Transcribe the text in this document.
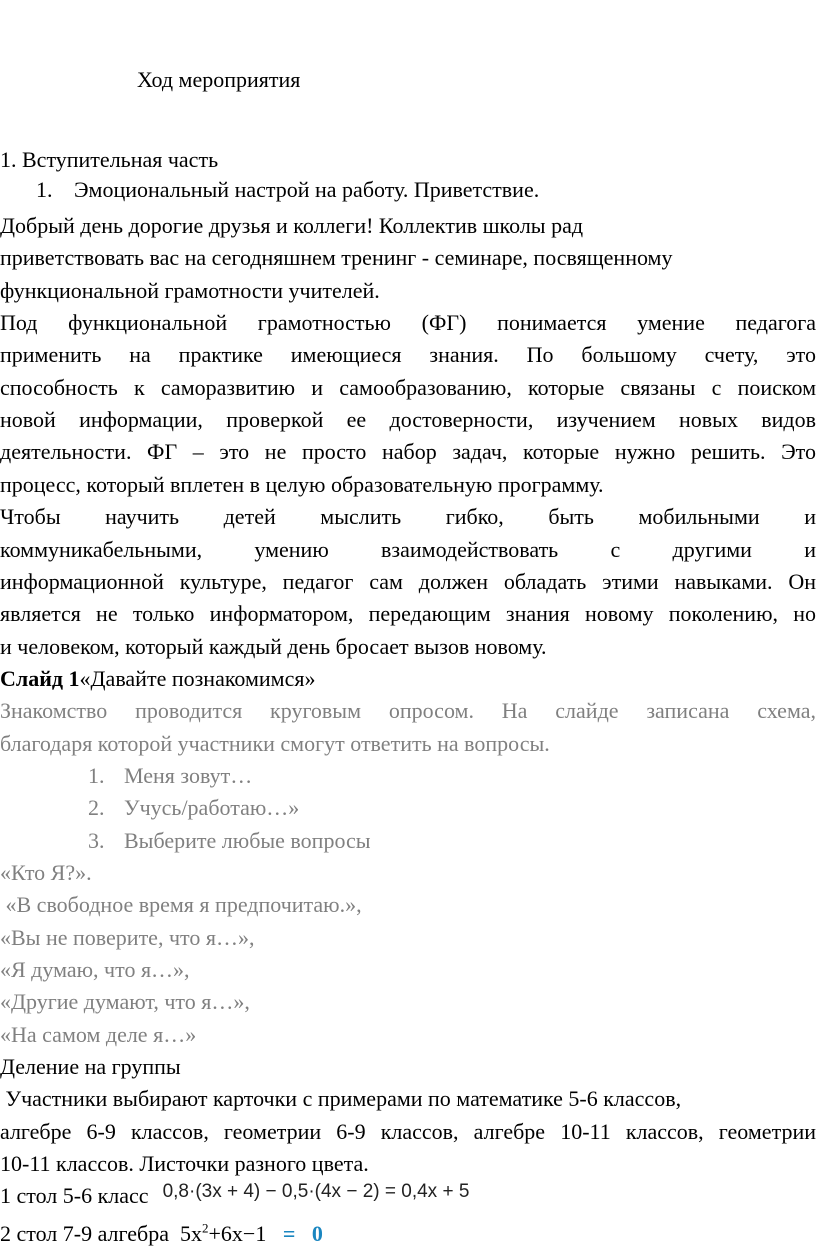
Ход мероприятия
1. Вступительная часть
1. Эмоциональный настрой на работу. Приветствие.
Добрый день дорогие друзья и коллеги! Коллектив школы рад
приветствовать вас на сегодняшнем тренинг - семинаре, посвященному
функциональной грамотности учителей.
Под функциональной грамотностью (ФГ) понимается умение педагога
применить на практике имеющиеся знания. По большому счету, это
способность к саморазвитию и самообразованию, которые связаны с поиском
новой информации, проверкой ее достоверности, изучением новых видов
деятельности. ФГ – это не просто набор задач, которые нужно решить. Это
процесс, который вплетен в целую образовательную программу.
Чтобы научить детей мыслить гибко, быть мобильными и
коммуникабельными, умению взаимодействовать с другими и
информационной культуре, педагог сам должен обладать этими навыками. Он
является не только информатором, передающим знания новому поколению, но
и человеком, который каждый день бросает вызов новому.
Слайд 1«Давайте познакомимся»
Знакомство проводится круговым опросом. На слайде записана схема,
благодаря которой участники смогут ответить на вопросы.
1. Меня зовут…
2. Учусь/работаю…»
3. Выберите любые вопросы
«Кто Я?».
«В свободное время я предпочитаю.»,
«Вы не поверите, что я…»,
«Я думаю, что я…»,
«Другие думают, что я…»,
«На самом деле я…»
Деление на группы
Участники выбирают карточки с примерами по математике 5-6 классов,
алгебре 6-9 классов, геометрии 6-9 классов, алгебре 10-11 классов, геометрии
10-11 классов. Листочки разного цвета.
1 стол 5-6 класс 0,8·(3x + 4) − 0,5·(4x − 2) = 0,4x + 5
2 стол 7-9 алгебра $5x^2+6x-1 = 0$
